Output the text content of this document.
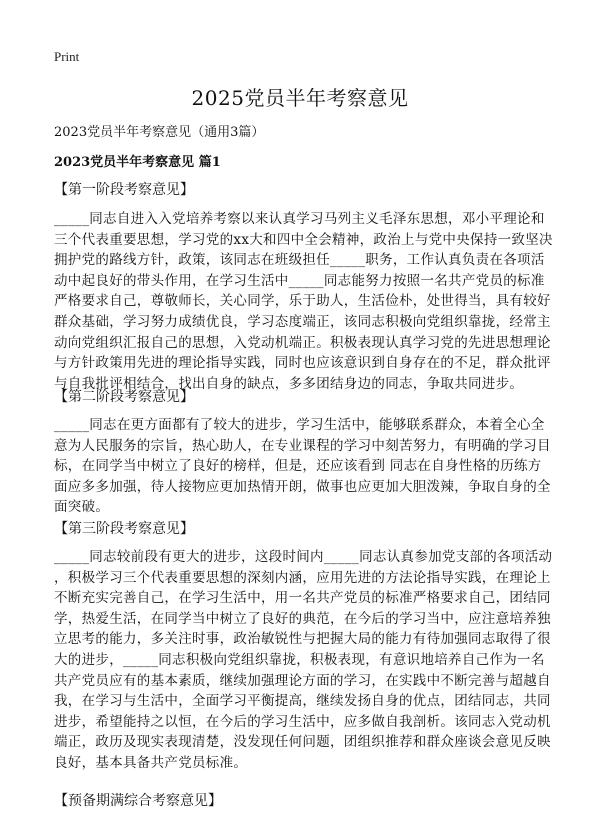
Print
2025党员半年考察意见
2023党员半年考察意见（通用3篇）
2023党员半年考察意见 篇1
【第一阶段考察意见】
_____同志自进入入党培养考察以来认真学习马列主义毛泽东思想，邓小平理论和
三个代表重要思想，学习党的xx大和四中全会精神，政治上与党中央保持一致坚决
拥护党的路线方针，政策，该同志在班级担任_____职务，工作认真负责在各项活
动中起良好的带头作用，在学习生活中_____同志能努力按照一名共产党员的标准
严格要求自己，尊敬师长，关心同学，乐于助人，生活俭朴，处世得当，具有较好
群众基础，学习努力成绩优良，学习态度端正，该同志积极向党组织靠拢，经常主
动向党组织汇报自己的思想，入党动机端正。积极表现认真学习党的先进思想理论
与方针政策用先进的理论指导实践，同时也应该意识到自身存在的不足，群众批评
与自我批评相结合，找出自身的缺点，多多团结身边的同志，争取共同进步。
【第二阶段考察意见】
_____同志在更方面都有了较大的进步，学习生活中，能够联系群众，本着全心全
意为人民服务的宗旨，热心助人，在专业课程的学习中刻苦努力，有明确的学习目
标，在同学当中树立了良好的榜样，但是，还应该看到 同志在自身性格的历练方
面应多多加强，待人接物应更加热情开朗，做事也应更加大胆泼辣，争取自身的全
面突破。
【第三阶段考察意见】
_____同志较前段有更大的进步，这段时间内_____同志认真参加党支部的各项活动
，积极学习三个代表重要思想的深刻内涵，应用先进的方法论指导实践，在理论上
不断充实完善自己，在学习生活中，用一名共产党员的标准严格要求自己，团结同
学，热爱生活，在同学当中树立了良好的典范，在今后的学习当中，应注意培养独
立思考的能力，多关注时事，政治敏锐性与把握大局的能力有待加强同志取得了很
大的进步，_____同志积极向党组织靠拢，积极表现，有意识地培养自己作为一名
共产党员应有的基本素质，继续加强理论方面的学习，在实践中不断完善与超越自
我，在学习与生活中，全面学习平衡提高，继续发扬自身的优点，团结同志，共同
进步，希望能持之以恒，在今后的学习生活中，应多做自我剖析。该同志入党动机
端正，政历及现实表现清楚，没发现任何问题，团组织推荐和群众座谈会意见反映
良好，基本具备共产党员标准。
【预备期满综合考察意见】
